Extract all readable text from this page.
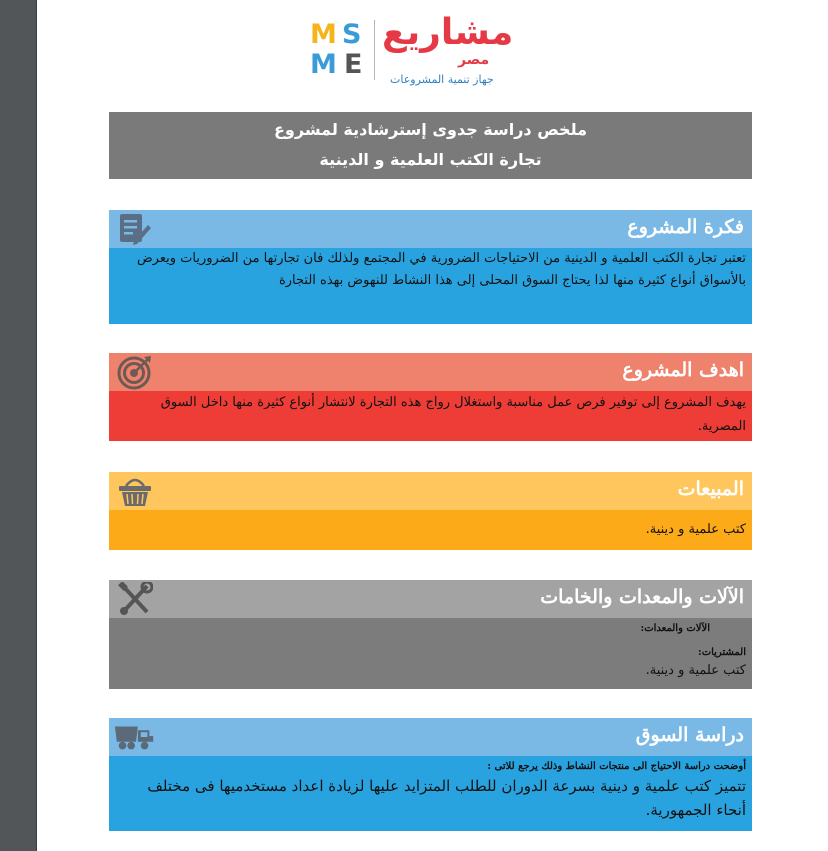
M S
M E
مشاريع
مصر
جهاز تنمية المشروعات
ملخص دراسة جدوى إسترشادية لمشروع
تجارة الكتب العلمية و الدينية
فكرة المشروع
تعتبر تجارة الكتب العلمية و الدينية من الاحتياجات الضرورية في المجتمع ولذلك فان تجارتها من الضروريات ويعرض بالأسواق أنواع كثيرة منها لذا يحتاج السوق المحلى إلى هذا النشاط للنهوض بهذه التجارة
اهدف المشروع
يهدف المشروع إلى توفير فرص عمل مناسبة واستغلال رواج هذه التجارة لانتشار أنواع كثيرة منها داخل السوق المصرية.
المبيعات
كتب علمية و دينية.
الآلات والمعدات والخامات
الآلات والمعدات:
المشتريات:
كتب علمية و دينية.
دراسة السوق
أوضحت دراسة الاحتياج الى منتجات النشاط وذلك يرجع للاتى :
تتميز كتب علمية و دينية بسرعة الدوران للطلب المتزايد عليها لزيادة اعداد مستخدميها فى مختلف أنحاء الجمهورية.
